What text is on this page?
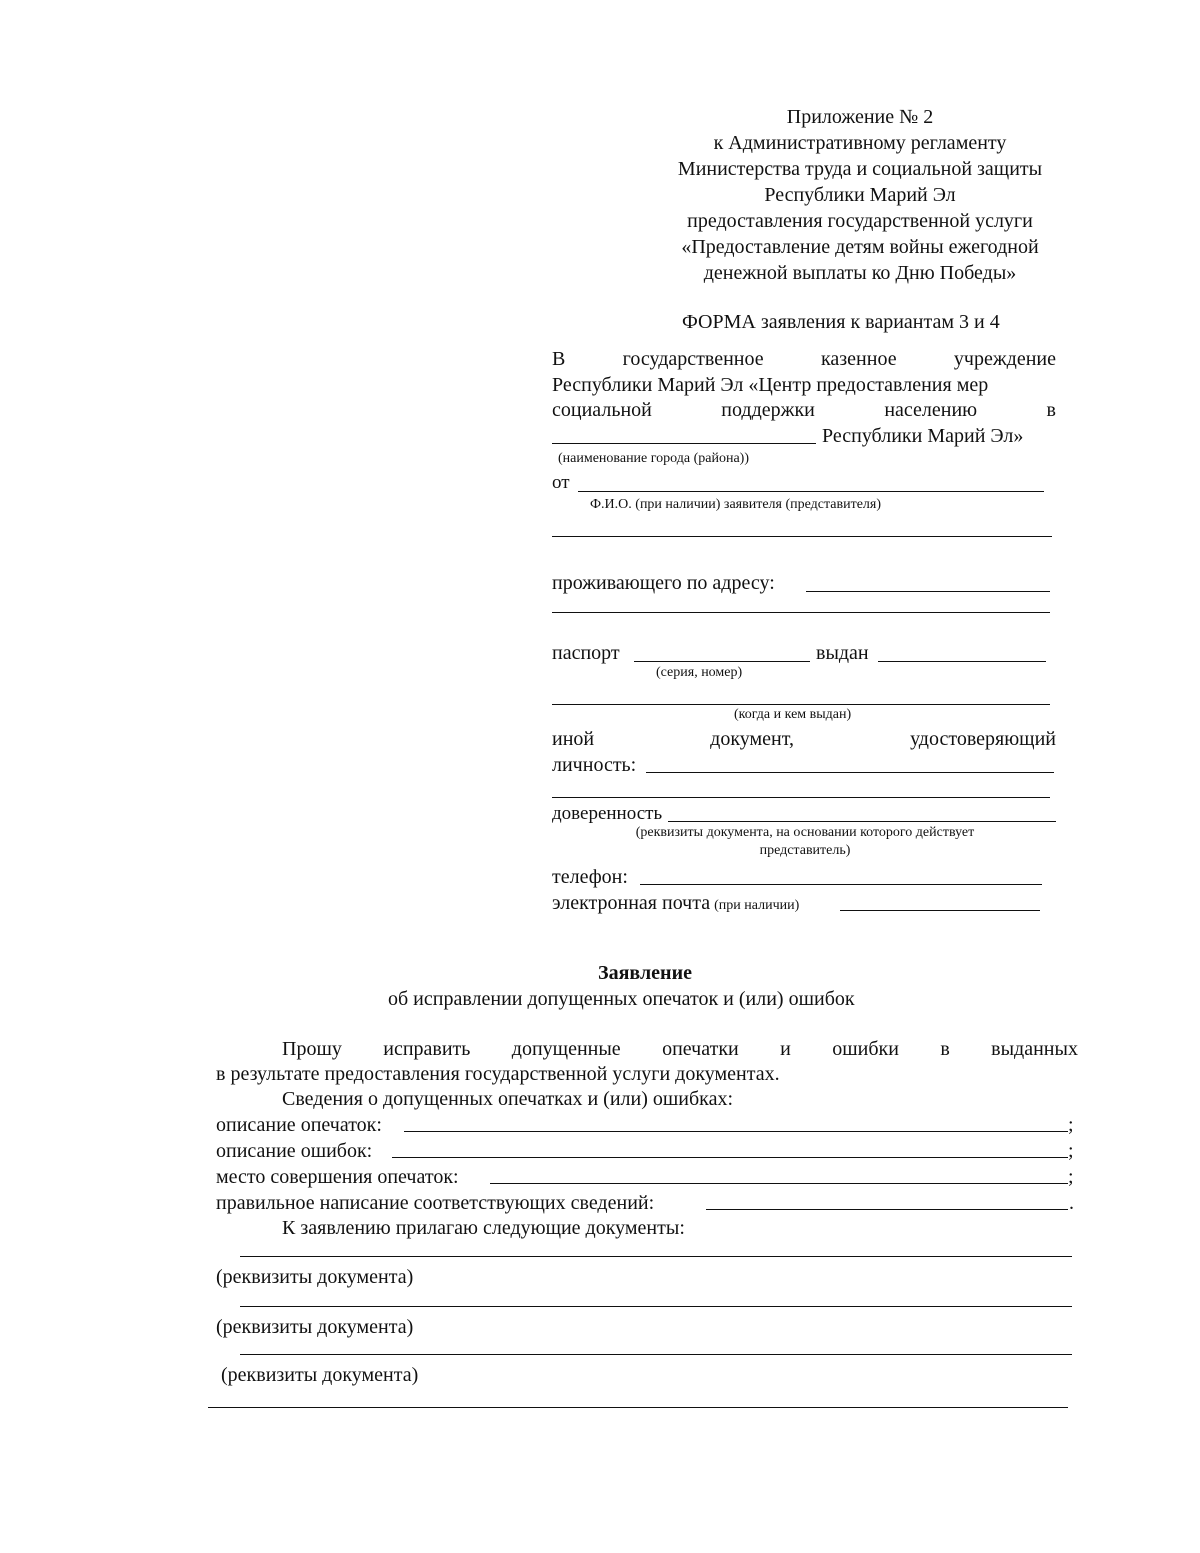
Приложение № 2
к Административному регламенту
Министерства труда и социальной защиты
Республики Марий Эл
предоставления государственной услуги
«Предоставление детям войны ежегодной
денежной выплаты ко Дню Победы»
ФОРМА заявления к вариантам 3 и 4
В	государственное	казенное	учреждение
Республики Марий Эл «Центр предоставления мер
социальной	поддержки	населению	в
Республики Марий Эл»
(наименование города (района))
от
Ф.И.О. (при наличии) заявителя (представителя)
проживающего по адресу:
паспорт	выдан
(серия, номер)
(когда и кем выдан)
иной	документ,	удостоверяющий
личность:
доверенность
(реквизиты документа, на основании которого действует
представитель)
телефон:
электронная почта (при наличии)
Заявление
об исправлении допущенных опечаток и (или) ошибок
Прошу исправить допущенные опечатки и ошибки в выданных
в результате предоставления государственной услуги документах.
Сведения о допущенных опечатках и (или) ошибках:
описание опечаток:	;
описание ошибок:	;
место совершения опечаток:	;
правильное написание соответствующих сведений:	.
К заявлению прилагаю следующие документы:
(реквизиты документа)
(реквизиты документа)
(реквизиты документа)
